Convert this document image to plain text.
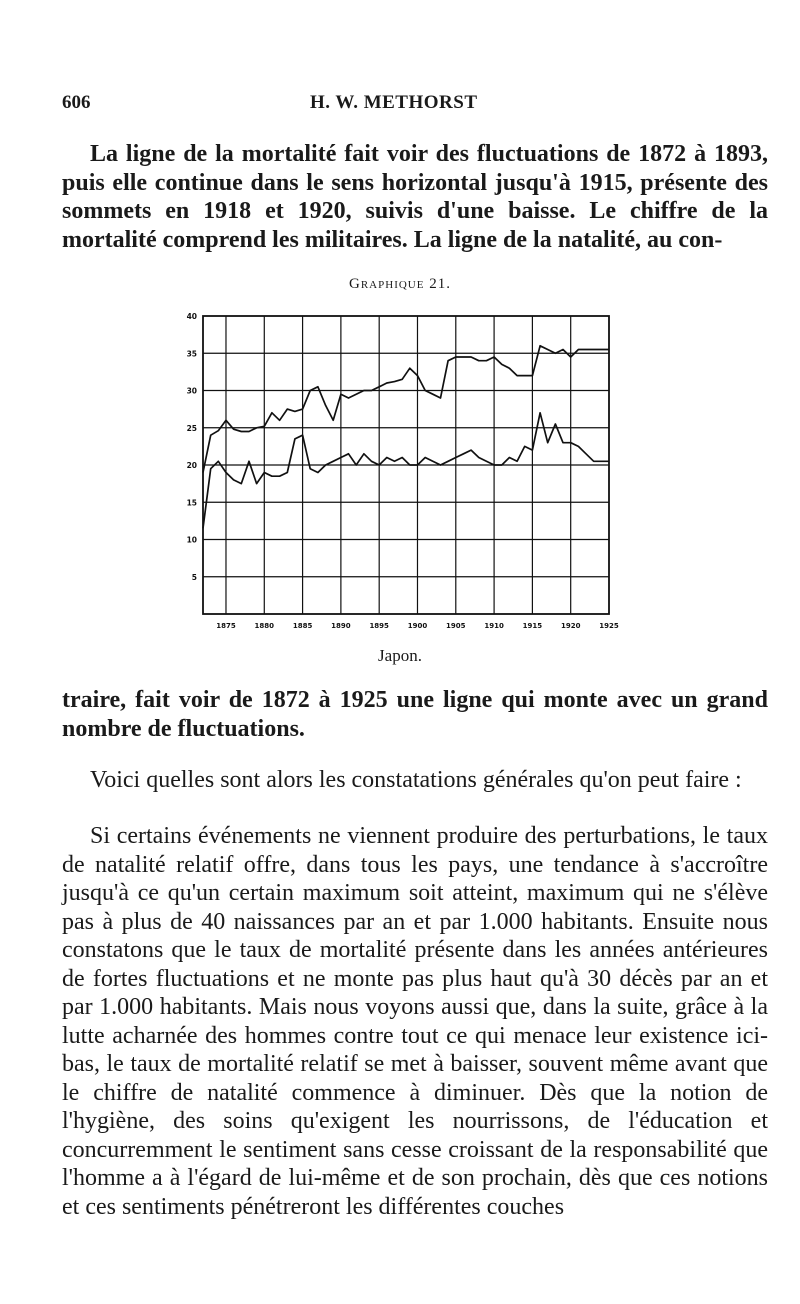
606	H. W. METHORST

La ligne de la mortalité fait voir des fluctuations de 1872 à 1893, puis elle continue dans le sens horizontal jusqu'à 1915, présente des sommets en 1918 et 1920, suivis d'une baisse. Le chiffre de la mortalité comprend les militaires. La ligne de la natalité, au con-

Graphique 21.
40
35
30
25
20
15
10
5
1875	1880	1885	1890	1895	1900	1905	1910	1915	1920	1925
Japon.

traire, fait voir de 1872 à 1925 une ligne qui monte avec un grand nombre de fluctuations.

Voici quelles sont alors les constatations générales qu'on peut faire :

Si certains événements ne viennent produire des perturbations, le taux de natalité relatif offre, dans tous les pays, une tendance à s'accroître jusqu'à ce qu'un certain maximum soit atteint, maximum qui ne s'élève pas à plus de 40 naissances par an et par 1.000 habitants. Ensuite nous constatons que le taux de mortalité présente dans les années antérieures de fortes fluctuations et ne monte pas plus haut qu'à 30 décès par an et par 1.000 habitants. Mais nous voyons aussi que, dans la suite, grâce à la lutte acharnée des hommes contre tout ce qui menace leur existence ici-bas, le taux de mortalité relatif se met à baisser, souvent même avant que le chiffre de natalité commence à diminuer. Dès que la notion de l'hygiène, des soins qu'exigent les nourrissons, de l'éducation et concurremment le sentiment sans cesse croissant de la responsabilité que l'homme a à l'égard de lui-même et de son prochain, dès que ces notions et ces sentiments pénétreront les différentes couches
